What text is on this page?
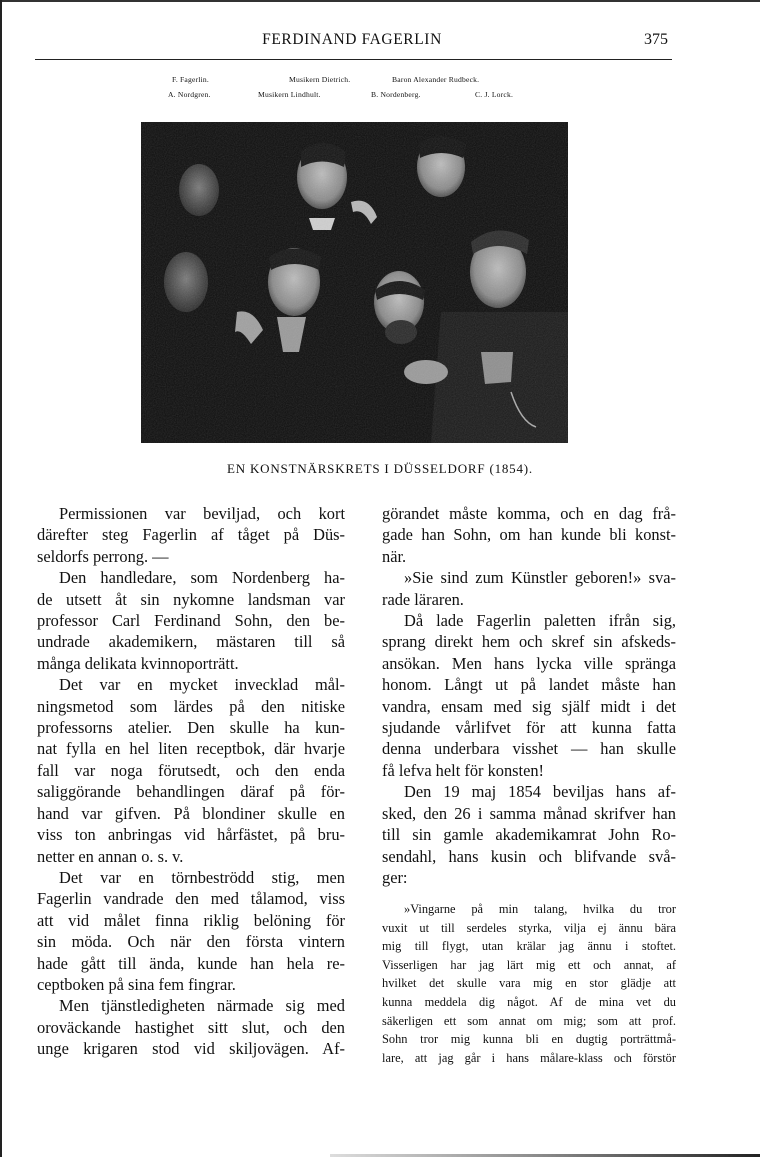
FERDINAND FAGERLIN	375
F. Fagerlin.	Musikern Dietrich.	Baron Alexander Rudbeck.
A. Nordgren.	Musikern Lindhult.	B. Nordenberg.	C. J. Lorck.
EN KONSTNÄRSKRETS I DÜSSELDORF (1854).
Permissionen var beviljad, och kort
därefter steg Fagerlin af tåget på Düs-
seldorfs perrong. —
Den handledare, som Nordenberg ha-
de utsett åt sin nykomne landsman var
professor Carl Ferdinand Sohn, den be-
undrade akademikern, mästaren till så
många delikata kvinnoporträtt.
Det var en mycket invecklad mål-
ningsmetod som lärdes på den nitiske
professorns atelier. Den skulle ha kun-
nat fylla en hel liten receptbok, där hvarje
fall var noga förutsedt, och den enda
saliggörande behandlingen däraf på för-
hand var gifven. På blondiner skulle en
viss ton anbringas vid hårfästet, på bru-
netter en annan o. s. v.
Det var en törnbeströdd stig, men
Fagerlin vandrade den med tålamod, viss
att vid målet finna riklig belöning för
sin möda. Och när den första vintern
hade gått till ända, kunde han hela re-
ceptboken på sina fem fingrar.
Men tjänstledigheten närmade sig med
oroväckande hastighet sitt slut, och den
unge krigaren stod vid skiljovägen. Af-
görandet måste komma, och en dag frå-
gade han Sohn, om han kunde bli konst-
när.
»Sie sind zum Künstler geboren!» sva-
rade läraren.
Då lade Fagerlin paletten ifrån sig,
sprang direkt hem och skref sin afskeds-
ansökan. Men hans lycka ville spränga
honom. Långt ut på landet måste han
vandra, ensam med sig själf midt i det
sjudande vårlifvet för att kunna fatta
denna underbara visshet — han skulle
få lefva helt för konsten!
Den 19 maj 1854 beviljas hans af-
sked, den 26 i samma månad skrifver han
till sin gamle akademikamrat John Ro-
sendahl, hans kusin och blifvande svå-
ger:
»Vingarne på min talang, hvilka du tror
vuxit ut till serdeles styrka, vilja ej ännu bära
mig till flygt, utan krälar jag ännu i stoftet.
Visserligen har jag lärt mig ett och annat, af
hvilket det skulle vara mig en stor glädje att
kunna meddela dig något. Af de mina vet du
säkerligen ett som annat om mig; som att prof.
Sohn tror mig kunna bli en dugtig porträttmå-
lare, att jag går i hans målare-klass och förstör
